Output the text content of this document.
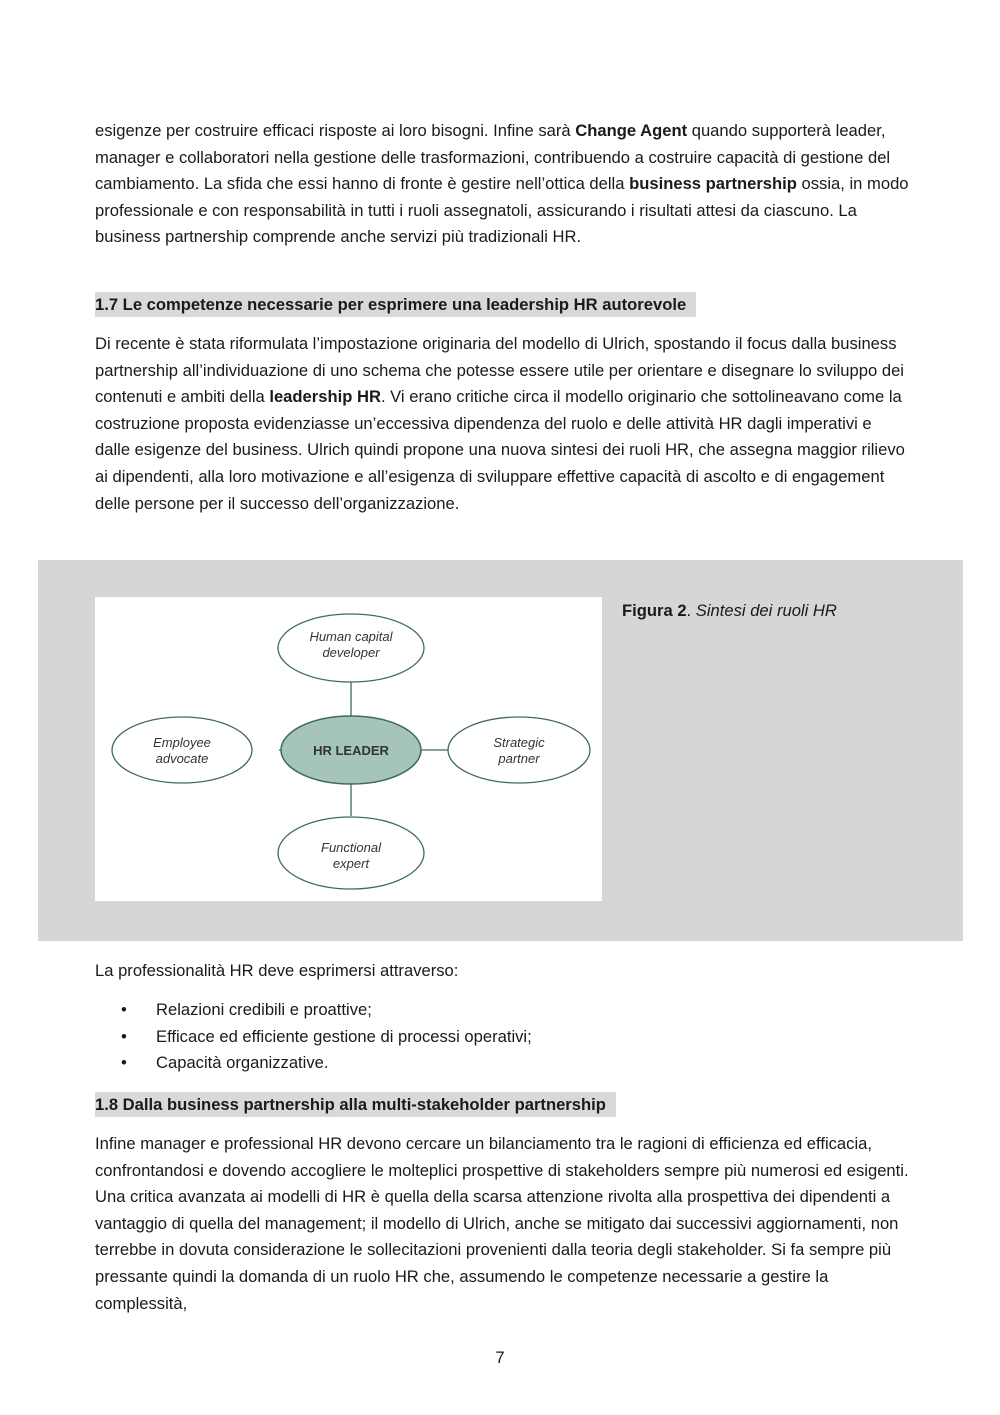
esigenze per costruire efficaci risposte ai loro bisogni. Infine sarà Change Agent quando supporterà leader, manager e collaboratori nella gestione delle trasformazioni, contribuendo a costruire capacità di gestione del cambiamento. La sfida che essi hanno di fronte è gestire nell’ottica della business partnership ossia, in modo professionale e con responsabilità in tutti i ruoli assegnatoli, assicurando i risultati attesi da ciascuno. La business partnership comprende anche servizi più tradizionali HR.

1.7 Le competenze necessarie per esprimere una leadership HR autorevole

Di recente è stata riformulata l’impostazione originaria del modello di Ulrich, spostando il focus dalla business partnership all’individuazione di uno schema che potesse essere utile per orientare e disegnare lo sviluppo dei contenuti e ambiti della leadership HR. Vi erano critiche circa il modello originario che sottolineavano come la costruzione proposta evidenziasse un’eccessiva dipendenza del ruolo e delle attività HR dagli imperativi e dalle esigenze del business. Ulrich quindi propone una nuova sintesi dei ruoli HR, che assegna maggior rilievo ai dipendenti, alla loro motivazione e all’esigenza di sviluppare effettive capacità di ascolto e di engagement delle persone per il successo dell’organizzazione.

Human capital
developer
Employee
advocate
HR LEADER
Strategic
partner
Functional
expert
Figura 2. Sintesi dei ruoli HR

La professionalità HR deve esprimersi attraverso:

• Relazioni credibili e proattive;
• Efficace ed efficiente gestione di processi operativi;
• Capacità organizzative.
1.8 Dalla business partnership alla multi-stakeholder partnership

Infine manager e professional HR devono cercare un bilanciamento tra le ragioni di efficienza ed efficacia, confrontandosi e dovendo accogliere le molteplici prospettive di stakeholders sempre più numerosi ed esigenti. Una critica avanzata ai modelli di HR è quella della scarsa attenzione rivolta alla prospettiva dei dipendenti a vantaggio di quella del management; il modello di Ulrich, anche se mitigato dai successivi aggiornamenti, non terrebbe in dovuta considerazione le sollecitazioni provenienti dalla teoria degli stakeholder. Si fa sempre più pressante quindi la domanda di un ruolo HR che, assumendo le competenze necessarie a gestire la complessità,

7
